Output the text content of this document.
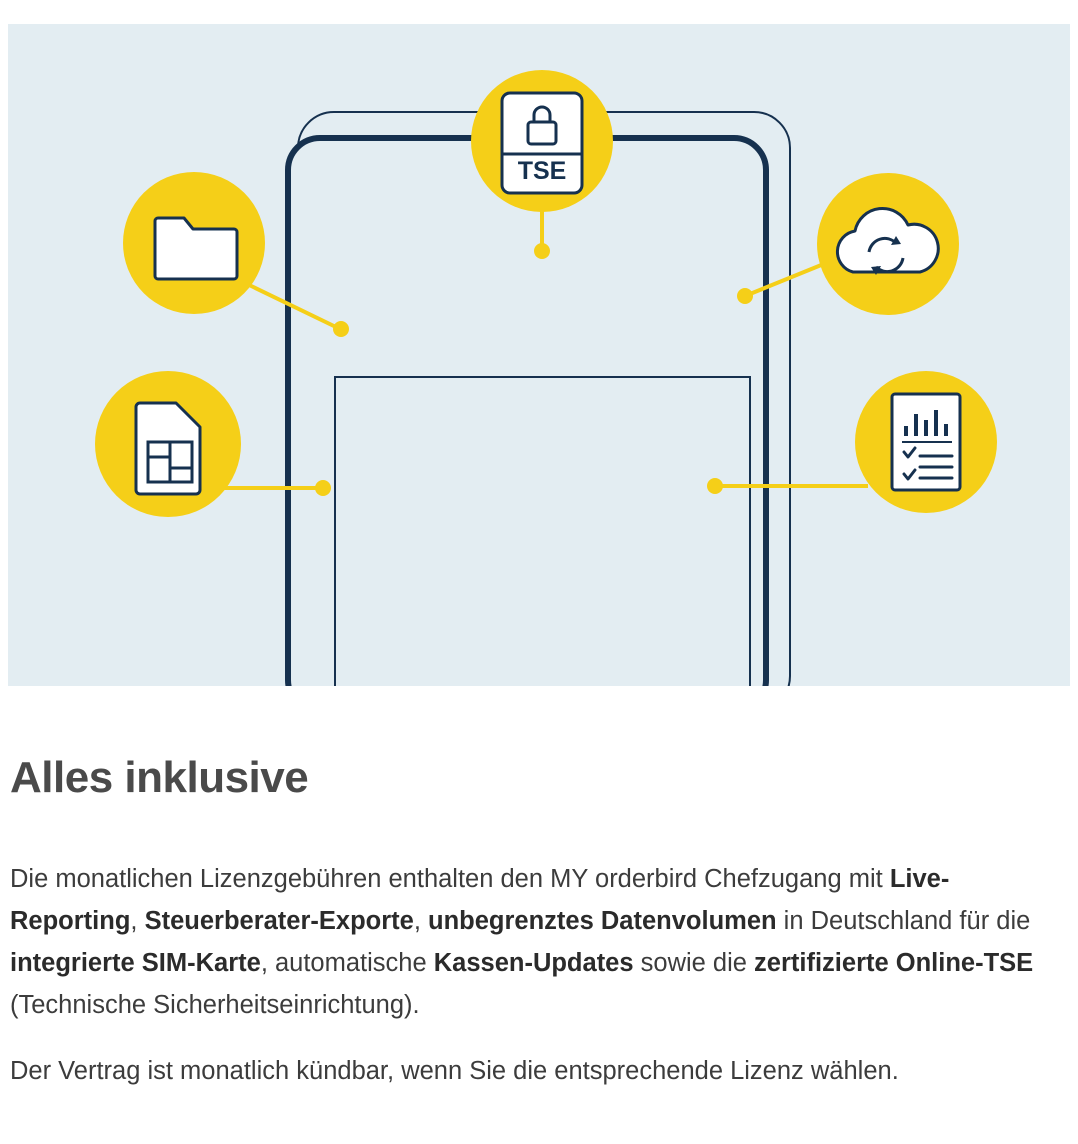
TSE
Alles inklusive

Die monatlichen Lizenzgebühren enthalten den MY orderbird Chefzugang mit Live-Reporting, Steuerberater-Exporte, unbegrenztes Datenvolumen in Deutschland für die integrierte SIM-Karte, automatische Kassen-Updates sowie die zertifizierte Online-TSE (Technische Sicherheitseinrichtung).

Der Vertrag ist monatlich kündbar, wenn Sie die entsprechende Lizenz wählen.
